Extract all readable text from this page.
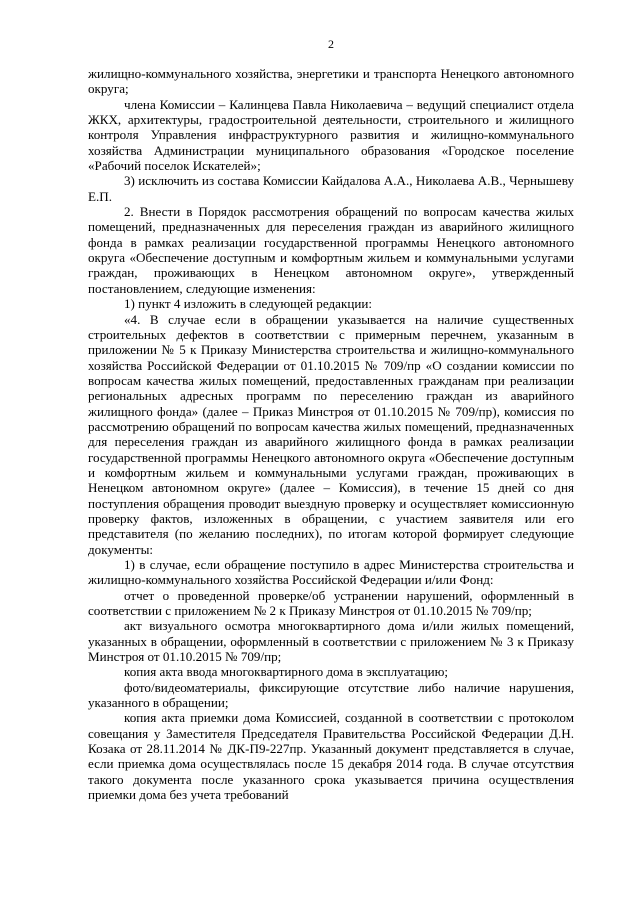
2

жилищно-коммунального хозяйства, энергетики и транспорта Ненецкого автономного округа;

члена Комиссии – Калинцева Павла Николаевича – ведущий специалист отдела ЖКХ, архитектуры, градостроительной деятельности, строительного и жилищного контроля Управления инфраструктурного развития и жилищно-коммунального хозяйства Администрации муниципального образования «Городское поселение «Рабочий поселок Искателей»;

3) исключить из состава Комиссии Кайдалова А.А., Николаева А.В., Чернышеву Е.П.

2. Внести в Порядок рассмотрения обращений по вопросам качества жилых помещений, предназначенных для переселения граждан из аварийного жилищного фонда в рамках реализации государственной программы Ненецкого автономного округа «Обеспечение доступным и комфортным жильем и коммунальными услугами граждан, проживающих в Ненецком автономном округе», утвержденный постановлением, следующие изменения:

1) пункт 4 изложить в следующей редакции:

«4. В случае если в обращении указывается на наличие существенных строительных дефектов в соответствии с примерным перечнем, указанным в приложении № 5 к Приказу Министерства строительства и жилищно-коммунального хозяйства Российской Федерации от 01.10.2015 № 709/пр «О создании комиссии по вопросам качества жилых помещений, предоставленных гражданам при реализации региональных адресных программ по переселению граждан из аварийного жилищного фонда» (далее – Приказ Минстроя от 01.10.2015 № 709/пр), комиссия по рассмотрению обращений по вопросам качества жилых помещений, предназначенных для переселения граждан из аварийного жилищного фонда в рамках реализации государственной программы Ненецкого автономного округа «Обеспечение доступным и комфортным жильем и коммунальными услугами граждан, проживающих в Ненецком автономном округе» (далее – Комиссия), в течение 15 дней со дня поступления обращения проводит выездную проверку и осуществляет комиссионную проверку фактов, изложенных в обращении, с участием заявителя или его представителя (по желанию последних), по итогам которой формирует следующие документы:

1) в случае, если обращение поступило в адрес Министерства строительства и жилищно-коммунального хозяйства Российской Федерации и/или Фонд:

отчет о проведенной проверке/об устранении нарушений, оформленный в соответствии с приложением № 2 к Приказу Минстроя от 01.10.2015 № 709/пр;

акт визуального осмотра многоквартирного дома и/или жилых помещений, указанных в обращении, оформленный в соответствии с приложением № 3 к Приказу Минстроя от 01.10.2015 № 709/пр;

копия акта ввода многоквартирного дома в эксплуатацию;

фото/видеоматериалы, фиксирующие отсутствие либо наличие нарушения, указанного в обращении;

копия акта приемки дома Комиссией, созданной в соответствии с протоколом совещания у Заместителя Председателя Правительства Российской Федерации Д.Н. Козака от 28.11.2014 № ДК-П9-227пр. Указанный документ представляется в случае, если приемка дома осуществлялась после 15 декабря 2014 года. В случае отсутствия такого документа после указанного срока указывается причина осуществления приемки дома без учета требований
